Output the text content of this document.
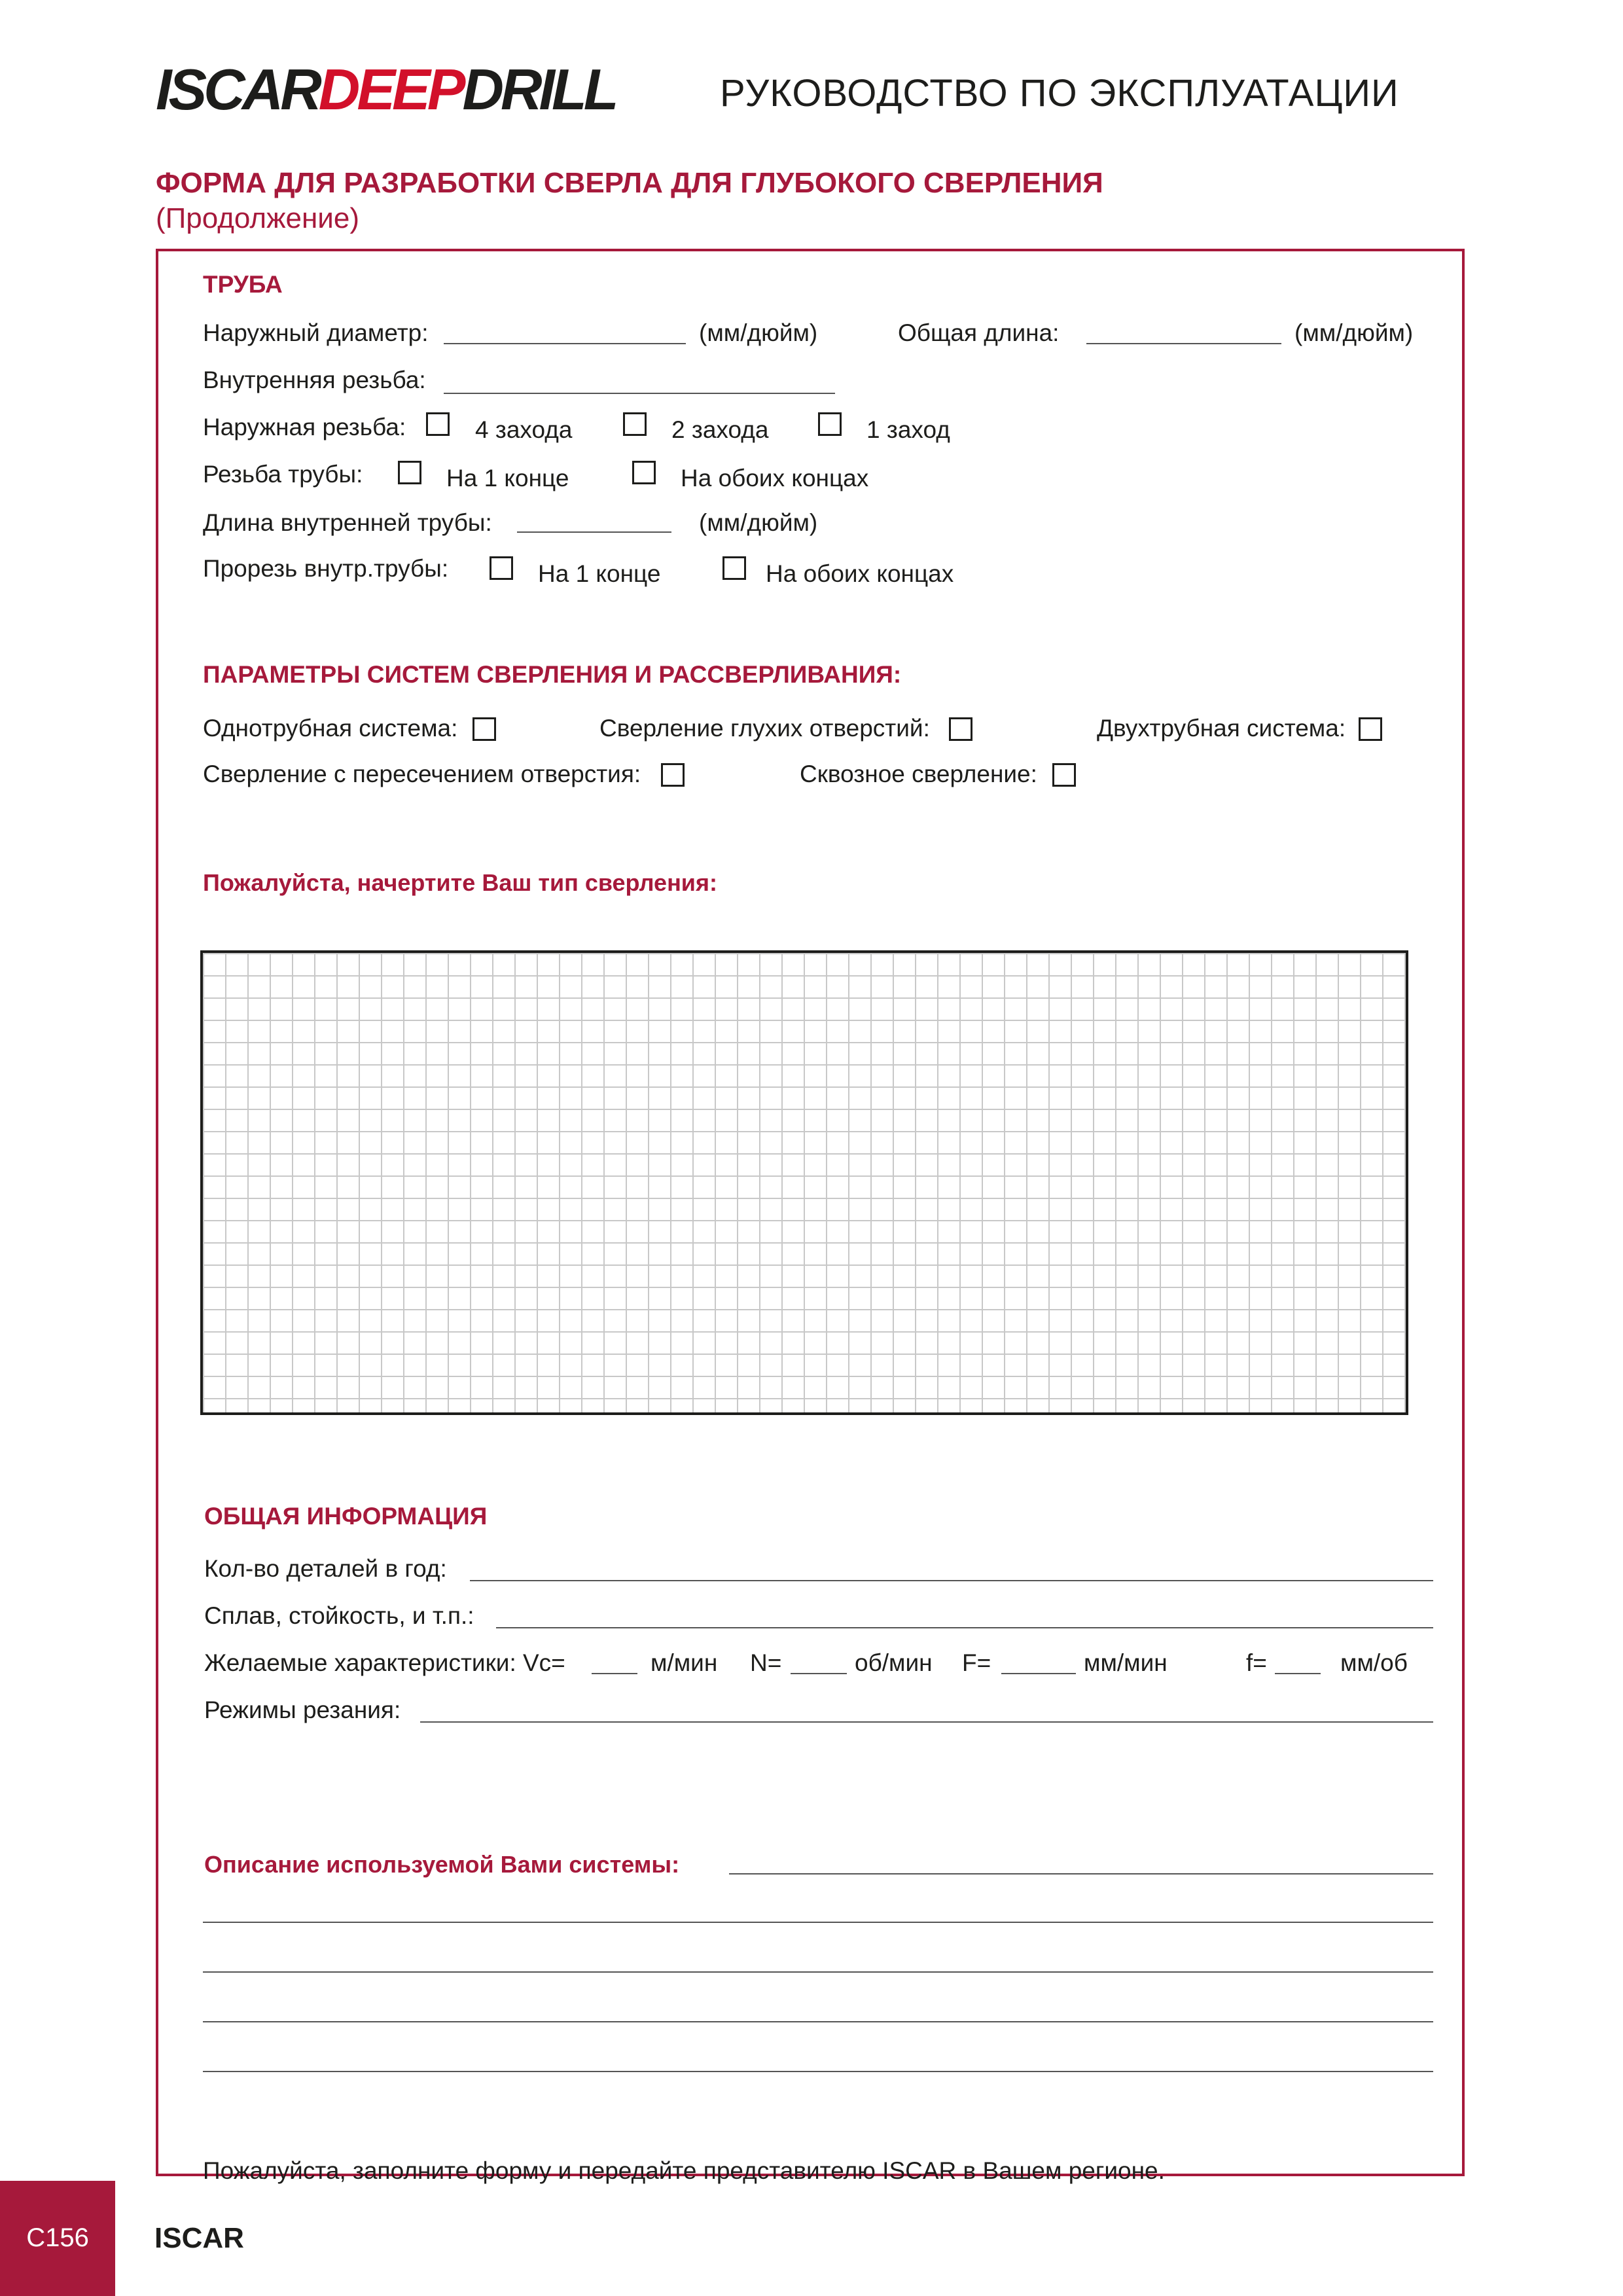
ISCARDEEPDRILL	РУКОВОДСТВО ПО ЭКСПЛУАТАЦИИ
ФОРМА ДЛЯ РАЗРАБОТКИ СВЕРЛА ДЛЯ ГЛУБОКОГО СВЕРЛЕНИЯ
(Продолжение)
ТРУБА
Наружный диаметр:	(мм/дюйм)	Общая длина:	(мм/дюйм)
Внутренняя резьба:
Наружная резьба:	4 захода	2 захода	1 заход
Резьба трубы:	На 1 конце	На обоих концах
Длина внутренней трубы:	(мм/дюйм)
Прорезь внутр.трубы:	На 1 конце	На обоих концах
ПАРАМЕТРЫ СИСТЕМ СВЕРЛЕНИЯ И РАССВЕРЛИВАНИЯ:
Однотрубная система:	Сверление глухих отверстий:	Двухтрубная система:
Сверление с пересечением отверстия:	Сквозное сверление:
Пожалуйста, начертите Ваш тип сверления:
ОБЩАЯ ИНФОРМАЦИЯ
Кол-во деталей в год:
Сплав, стойкость, и т.п.:
Желаемые характеристики: Vc=	м/мин N=	об/мин F=	мм/мин	f=	мм/об
Режимы резания:
Описание используемой Вами системы:
Пожалуйста, заполните форму и передайте представителю ISCAR в Вашем регионе.
C156	ISCAR
